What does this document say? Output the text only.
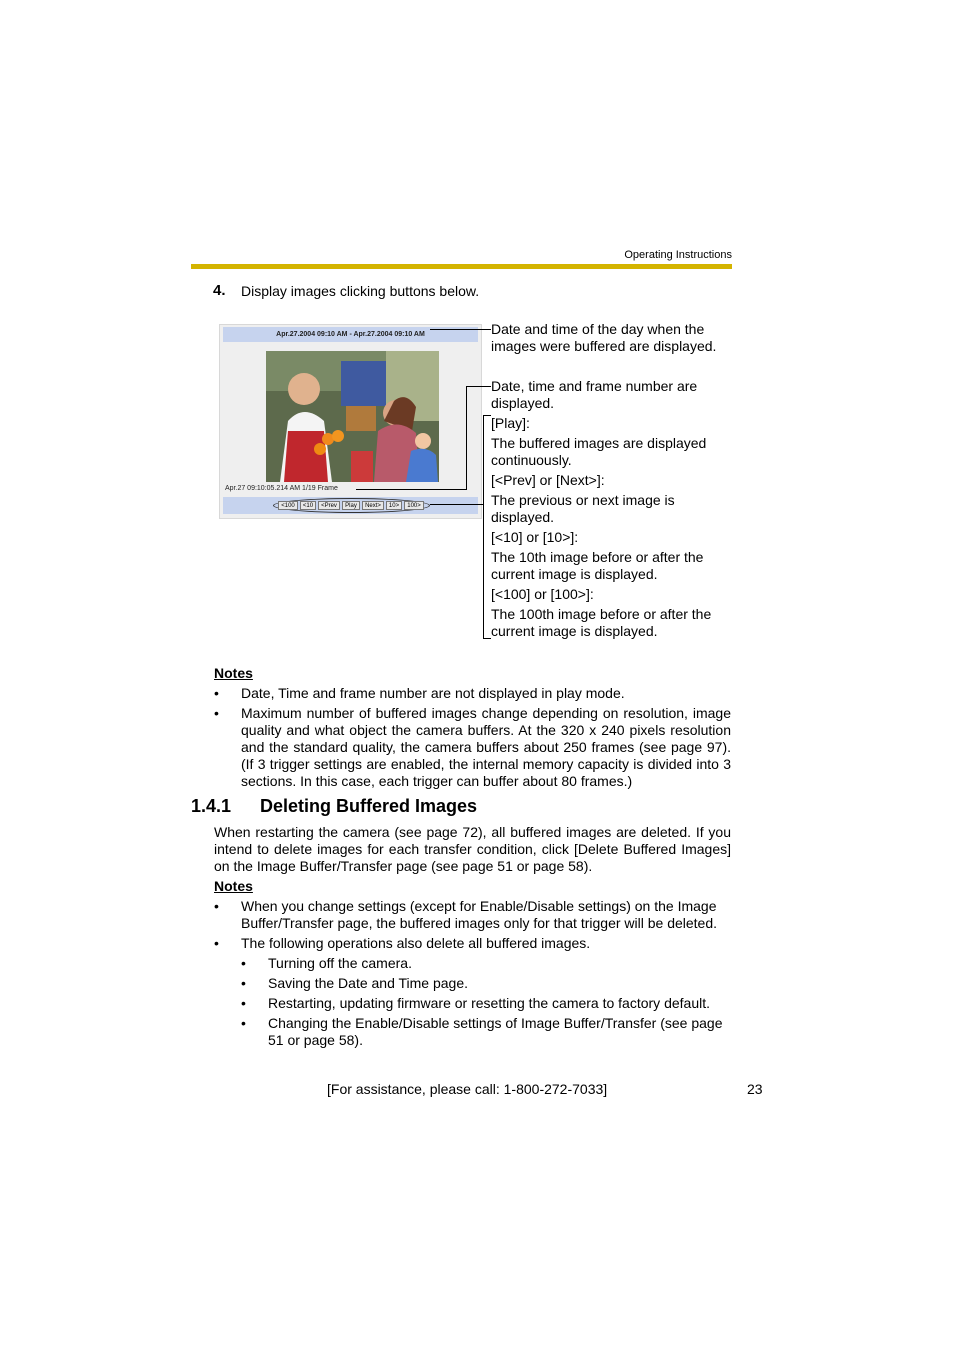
Operating Instructions
4. Display images clicking buttons below.
Apr.27.2004 09:10 AM - Apr.27.2004 09:10 AM
Apr.27 09:10:05.214 AM 1/19 Frame
<100	<10	<Prev	Play	Next>	10>	100>
Date and time of the day when the
images were buffered are displayed.
Date, time and frame number are
displayed.
[Play]:
The buffered images are displayed
continuously.
[<Prev] or [Next>]:
The previous or next image is
displayed.
[<10] or [10>]:
The 10th image before or after the
current image is displayed.
[<100] or [100>]:
The 100th image before or after the
current image is displayed.
Notes
• Date, Time and frame number are not displayed in play mode.
• Maximum number of buffered images change depending on resolution, image quality and what object the camera buffers. At the 320 x 240 pixels resolution and the standard quality, the camera buffers about 250 frames (see page 97). (If 3 trigger settings are enabled, the internal memory capacity is divided into 3 sections. In this case, each trigger can buffer about 80 frames.)
1.4.1 Deleting Buffered Images
When restarting the camera (see page 72), all buffered images are deleted. If you intend to delete images for each transfer condition, click [Delete Buffered Images] on the Image Buffer/Transfer page (see page 51 or page 58).
Notes
• When you change settings (except for Enable/Disable settings) on the Image Buffer/Transfer page, the buffered images only for that trigger will be deleted.
• The following operations also delete all buffered images.
• Turning off the camera.
• Saving the Date and Time page.
• Restarting, updating firmware or resetting the camera to factory default.
• Changing the Enable/Disable settings of Image Buffer/Transfer (see page 51 or page 58).
[For assistance, please call: 1-800-272-7033]	23
